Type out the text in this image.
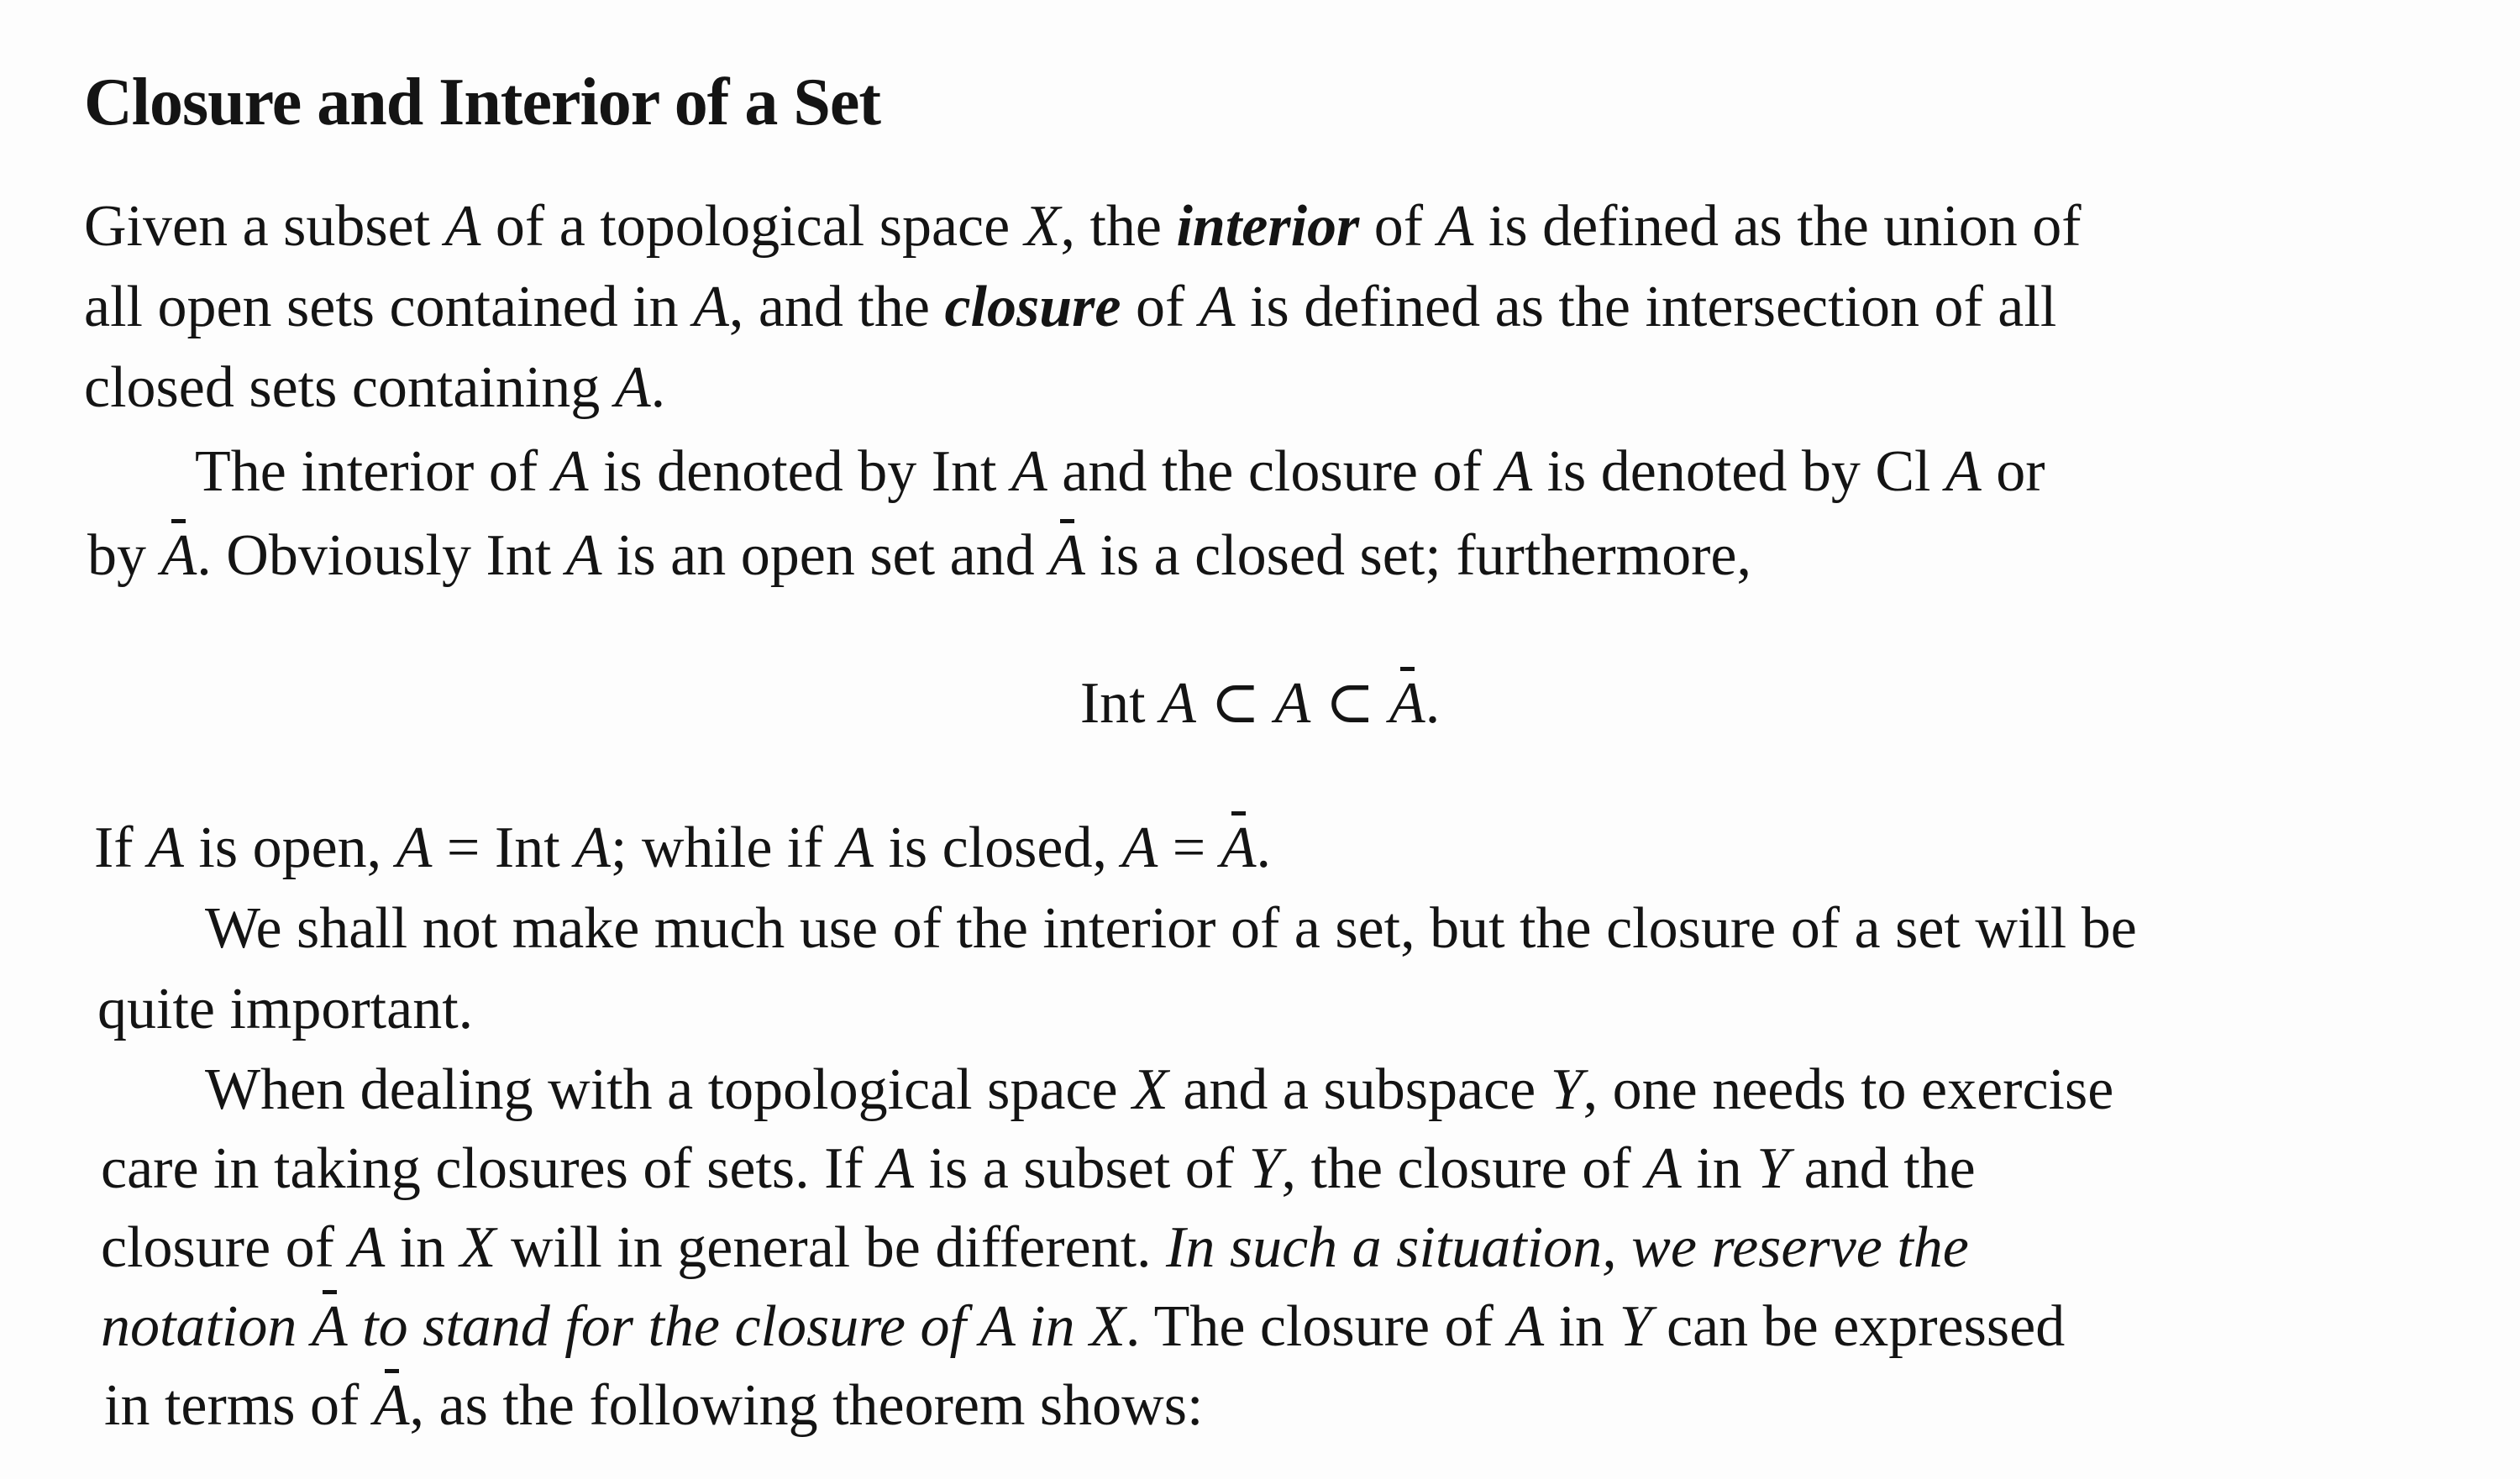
Closure and Interior of a Set
Given a subset A of a topological space X, the interior of A is defined as the union of
all open sets contained in A, and the closure of A is defined as the intersection of all
closed sets containing A.
The interior of A is denoted by Int A and the closure of A is denoted by Cl A or
by A. Obviously Int A is an open set and A is a closed set; furthermore,
Int A ⊂ A ⊂ A.
If A is open, A = Int A; while if A is closed, A = A.
We shall not make much use of the interior of a set, but the closure of a set will be
quite important.
When dealing with a topological space X and a subspace Y, one needs to exercise
care in taking closures of sets. If A is a subset of Y, the closure of A in Y and the
closure of A in X will in general be different. In such a situation, we reserve the
notation A to stand for the closure of A in X. The closure of A in Y can be expressed
in terms of A, as the following theorem shows:
